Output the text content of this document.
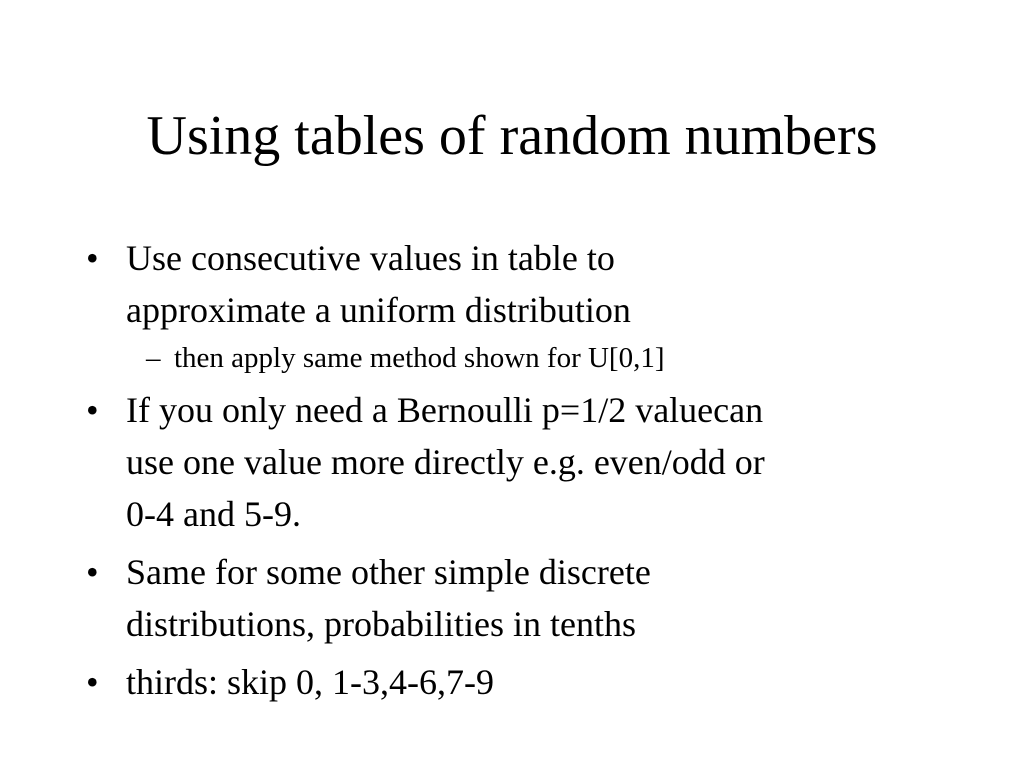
Using tables of random numbers
• Use consecutive values in table to
approximate a uniform distribution
– then apply same method shown for U[0,1]
• If you only need a Bernoulli p=1/2 valuecan
use one value more directly e.g. even/odd or
0-4 and 5-9.
• Same for some other simple discrete
distributions, probabilities in tenths
• thirds: skip 0, 1-3,4-6,7-9
